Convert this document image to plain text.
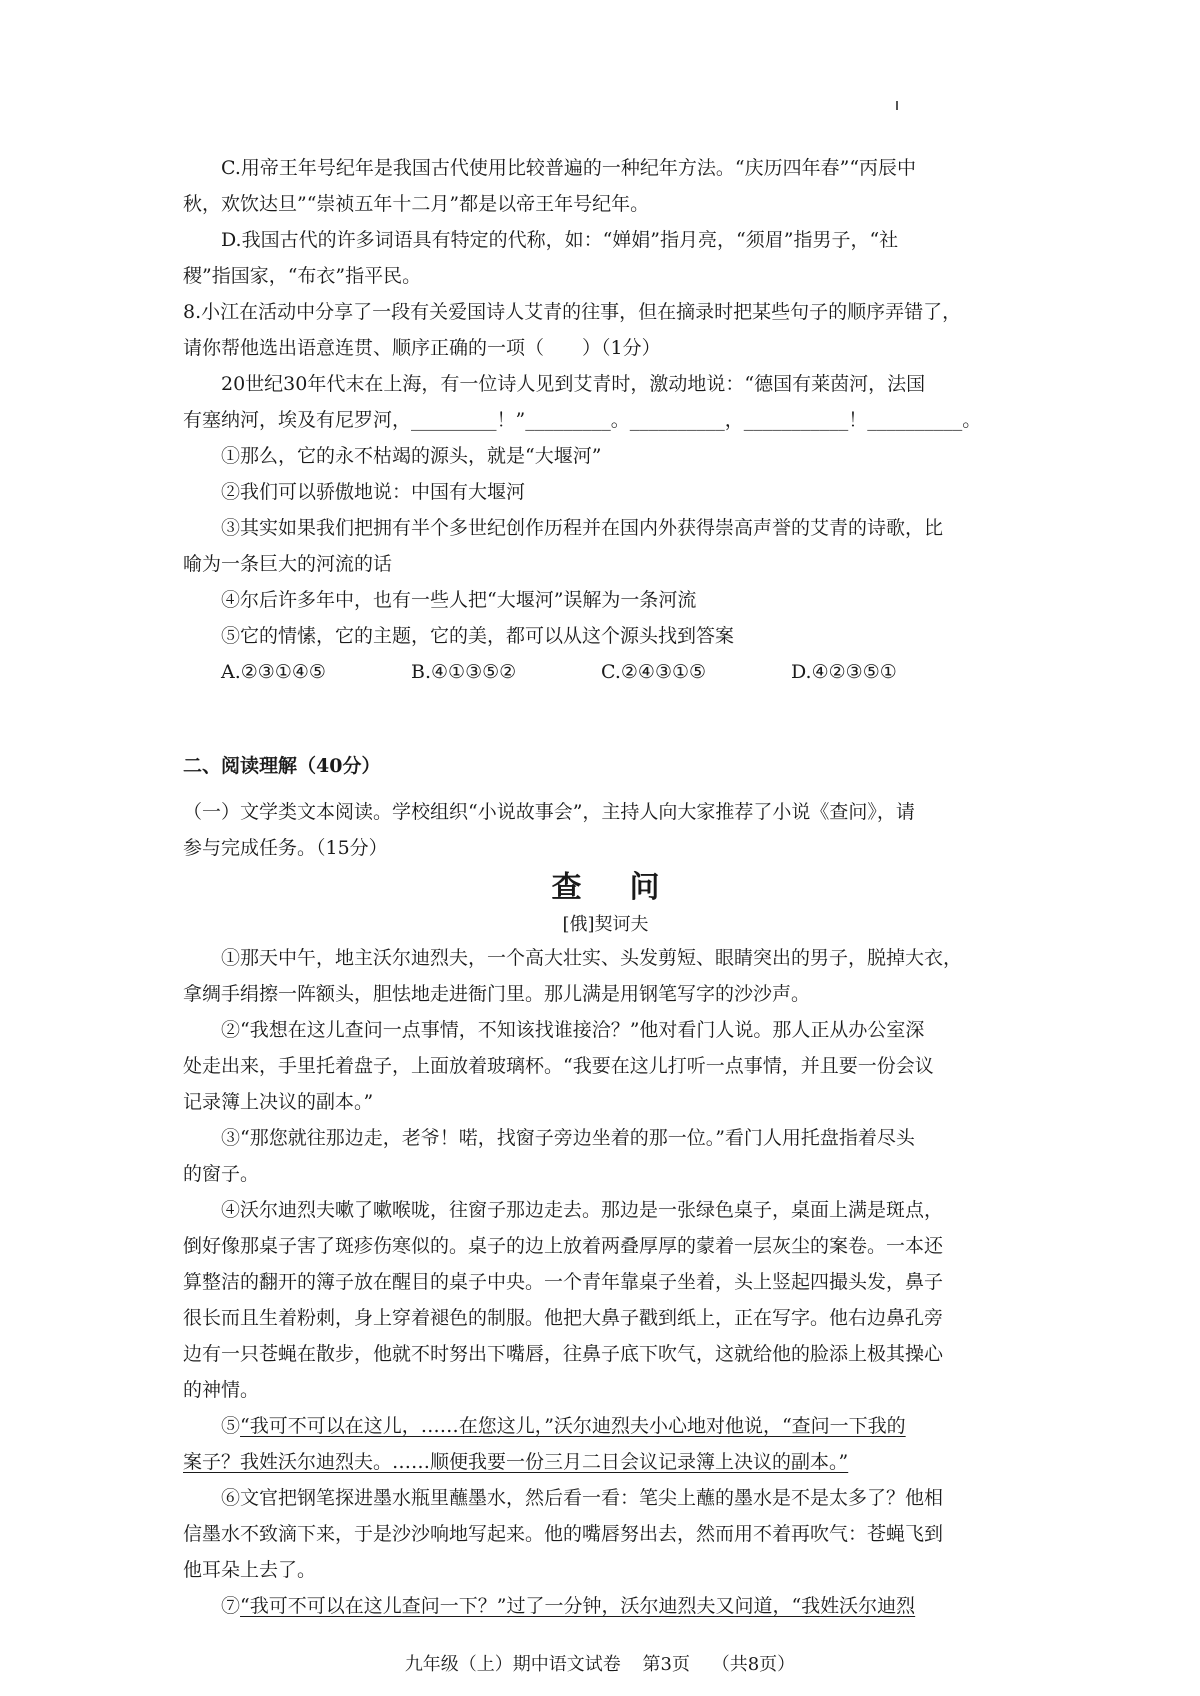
C.用帝王年号纪年是我国古代使用比较普遍的一种纪年方法。“庆历四年春”“丙辰中

秋，欢饮达旦”“崇祯五年十二月”都是以帝王年号纪年。

D.我国古代的许多词语具有特定的代称，如：“婵娟”指月亮，“须眉”指男子，“社

稷”指国家，“布衣”指平民。

8.小江在活动中分享了一段有关爱国诗人艾青的往事，但在摘录时把某些句子的顺序弄错了，

请你帮他选出语意连贯、顺序正确的一项（　　）（1分）

20世纪30年代末在上海，有一位诗人见到艾青时，激动地说：“德国有莱茵河，法国

有塞纳河，埃及有尼罗河，_________！”_________。__________，___________！__________。

①那么，它的永不枯竭的源头，就是“大堰河”

②我们可以骄傲地说：中国有大堰河

③其实如果我们把拥有半个多世纪创作历程并在国内外获得崇高声誉的艾青的诗歌，比

喻为一条巨大的河流的话

④尔后许多年中，也有一些人把“大堰河”误解为一条河流

⑤它的情愫，它的主题，它的美，都可以从这个源头找到答案

A.②③①④⑤	B.④①③⑤②	C.②④③①⑤	D.④②③⑤①

二、阅读理解（40分）

（一）文学类文本阅读。学校组织“小说故事会”，主持人向大家推荐了小说《查问》，请

参与完成任务。（15分）

查问
[俄]契诃夫

①那天中午，地主沃尔迪烈夫，一个高大壮实、头发剪短、眼睛突出的男子，脱掉大衣，

拿绸手绢擦一阵额头，胆怯地走进衙门里。那儿满是用钢笔写字的沙沙声。

②“我想在这儿查问一点事情，不知该找谁接洽？”他对看门人说。那人正从办公室深

处走出来，手里托着盘子，上面放着玻璃杯。“我要在这儿打听一点事情，并且要一份会议

记录簿上决议的副本。”

③“那您就往那边走，老爷！喏，找窗子旁边坐着的那一位。”看门人用托盘指着尽头

的窗子。

④沃尔迪烈夫嗽了嗽喉咙，往窗子那边走去。那边是一张绿色桌子，桌面上满是斑点，

倒好像那桌子害了斑疹伤寒似的。桌子的边上放着两叠厚厚的蒙着一层灰尘的案卷。一本还

算整洁的翻开的簿子放在醒目的桌子中央。一个青年靠桌子坐着，头上竖起四撮头发，鼻子

很长而且生着粉刺，身上穿着褪色的制服。他把大鼻子戳到纸上，正在写字。他右边鼻孔旁

边有一只苍蝇在散步，他就不时努出下嘴唇，往鼻子底下吹气，这就给他的脸添上极其操心

的神情。

⑤“我可不可以在这儿，……在您这儿，”沃尔迪烈夫小心地对他说，“查问一下我的

案子？我姓沃尔迪烈夫。……顺便我要一份三月二日会议记录簿上决议的副本。”

⑥文官把钢笔探进墨水瓶里蘸墨水，然后看一看：笔尖上蘸的墨水是不是太多了？他相

信墨水不致滴下来，于是沙沙响地写起来。他的嘴唇努出去，然而用不着再吹气：苍蝇飞到

他耳朵上去了。

⑦“我可不可以在这儿查问一下？”过了一分钟，沃尔迪烈夫又问道，“我姓沃尔迪烈

九年级（上）期中语文试卷 第3页 （共8页）
